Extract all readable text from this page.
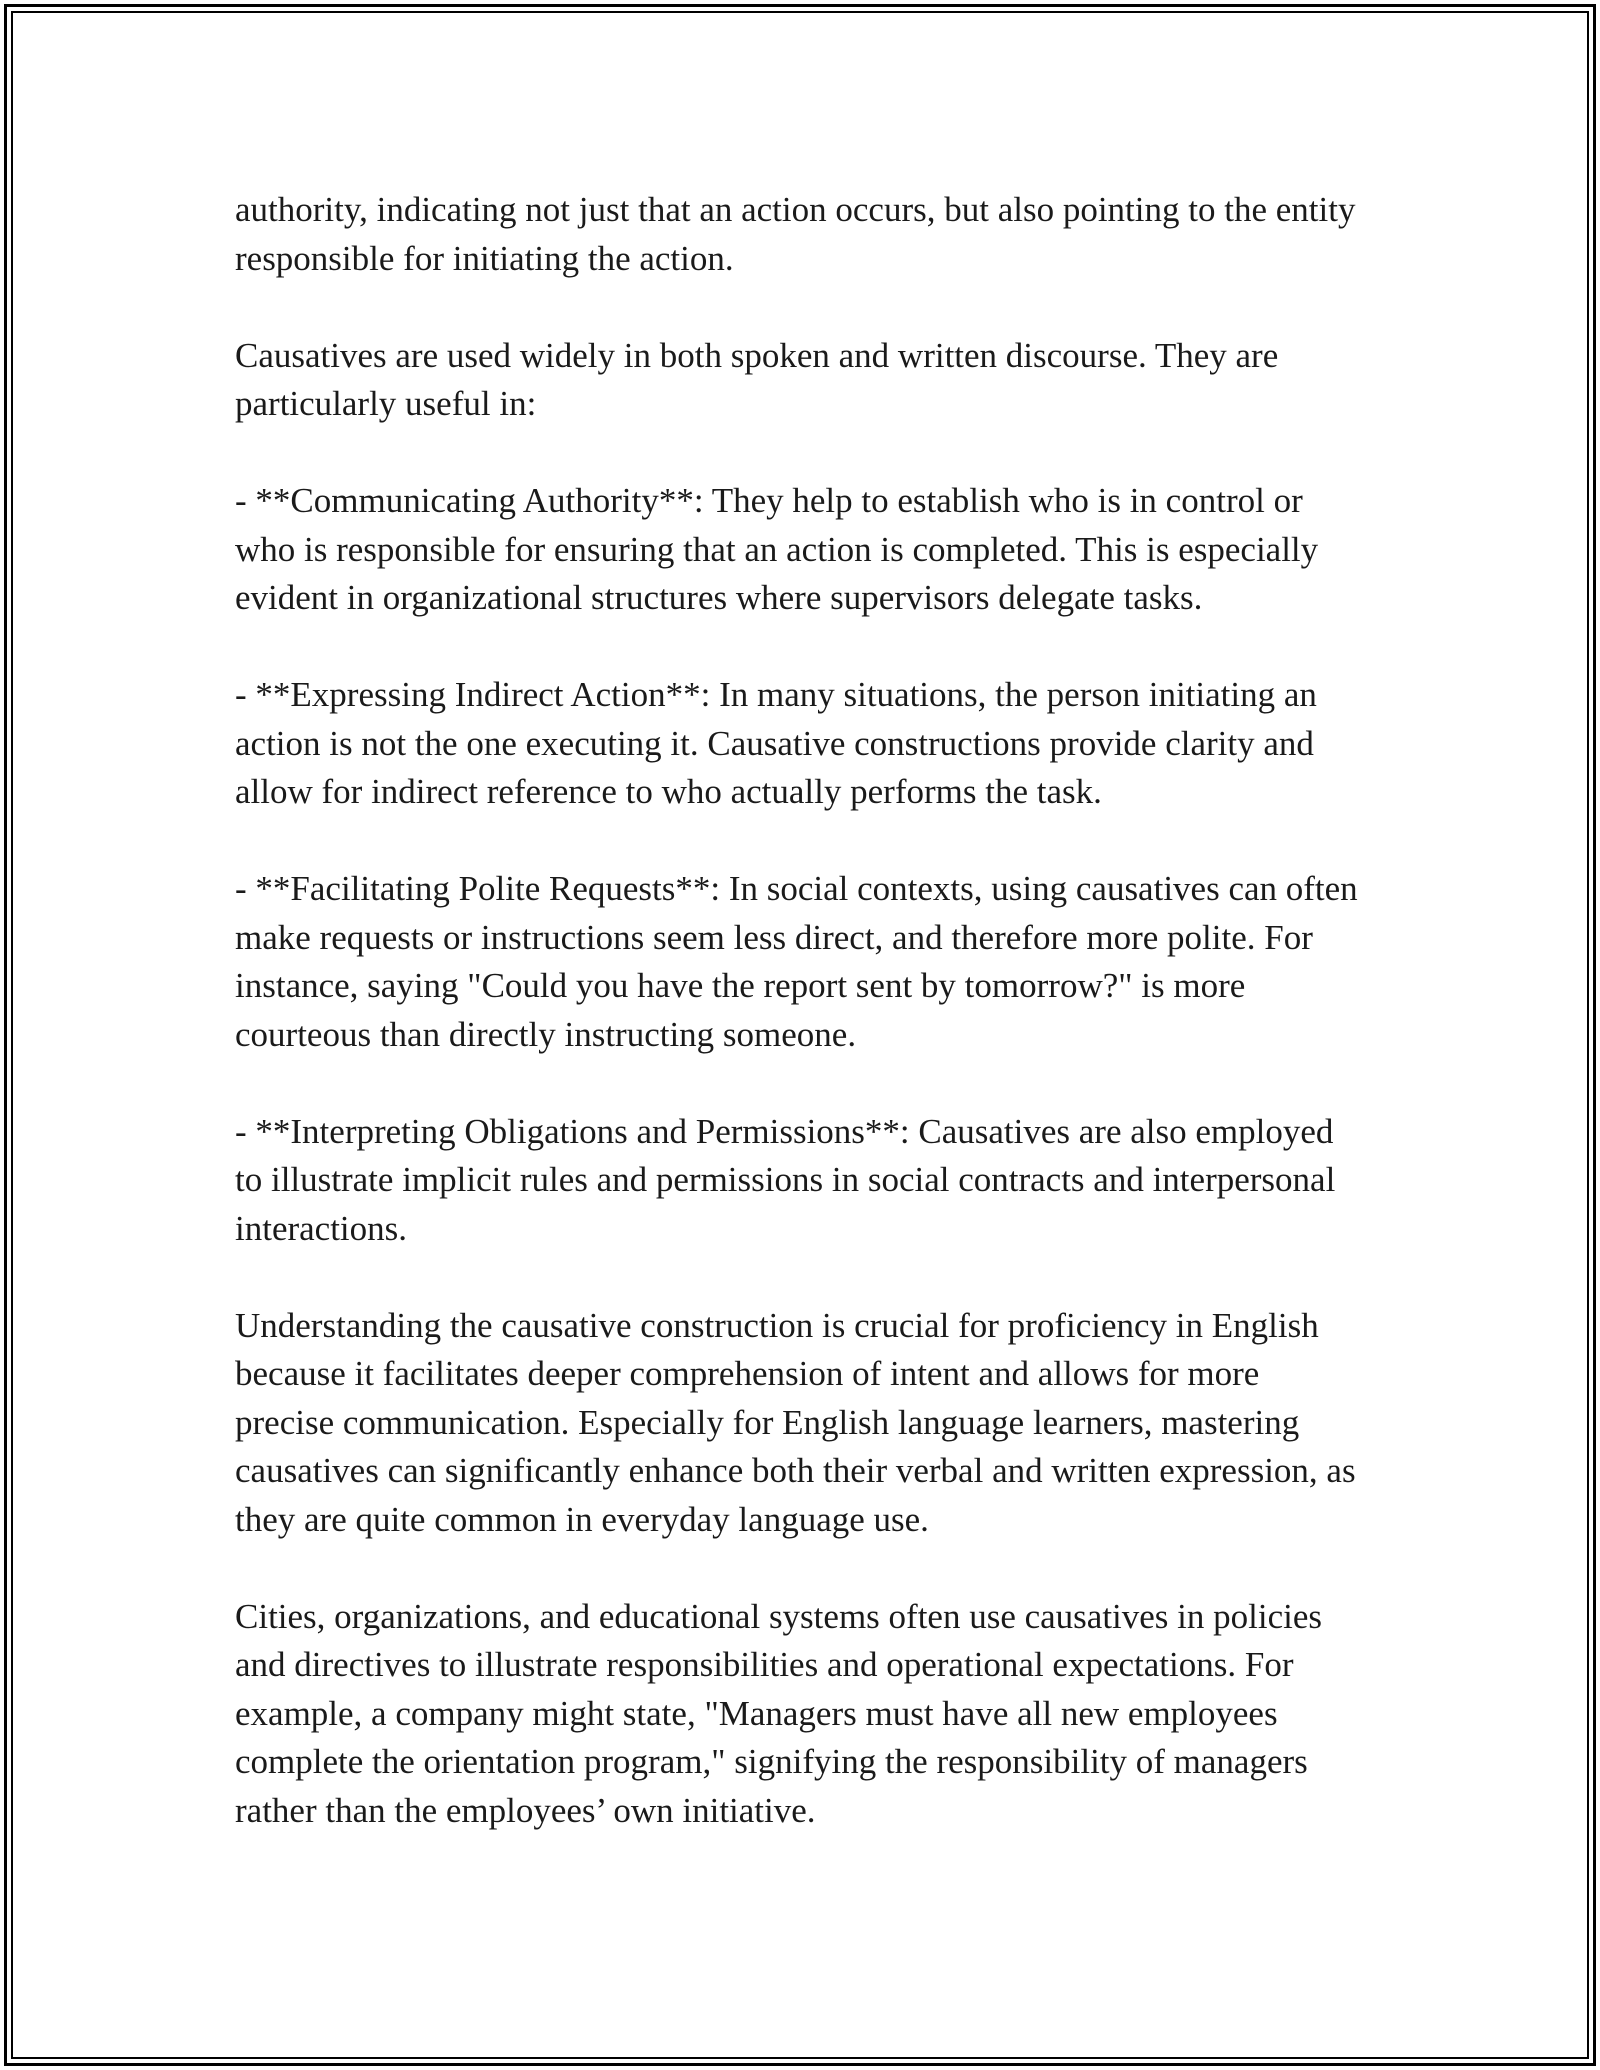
authority, indicating not just that an action occurs, but also pointing to the entity responsible for initiating the action.

Causatives are used widely in both spoken and written discourse. They are particularly useful in:

- **Communicating Authority**: They help to establish who is in control or who is responsible for ensuring that an action is completed. This is especially evident in organizational structures where supervisors delegate tasks.

- **Expressing Indirect Action**: In many situations, the person initiating an action is not the one executing it. Causative constructions provide clarity and allow for indirect reference to who actually performs the task.

- **Facilitating Polite Requests**: In social contexts, using causatives can often make requests or instructions seem less direct, and therefore more polite. For instance, saying "Could you have the report sent by tomorrow?" is more courteous than directly instructing someone.

- **Interpreting Obligations and Permissions**: Causatives are also employed to illustrate implicit rules and permissions in social contracts and interpersonal interactions.

Understanding the causative construction is crucial for proficiency in English because it facilitates deeper comprehension of intent and allows for more precise communication. Especially for English language learners, mastering causatives can significantly enhance both their verbal and written expression, as they are quite common in everyday language use.

Cities, organizations, and educational systems often use causatives in policies and directives to illustrate responsibilities and operational expectations. For example, a company might state, "Managers must have all new employees complete the orientation program," signifying the responsibility of managers rather than the employees’ own initiative.
